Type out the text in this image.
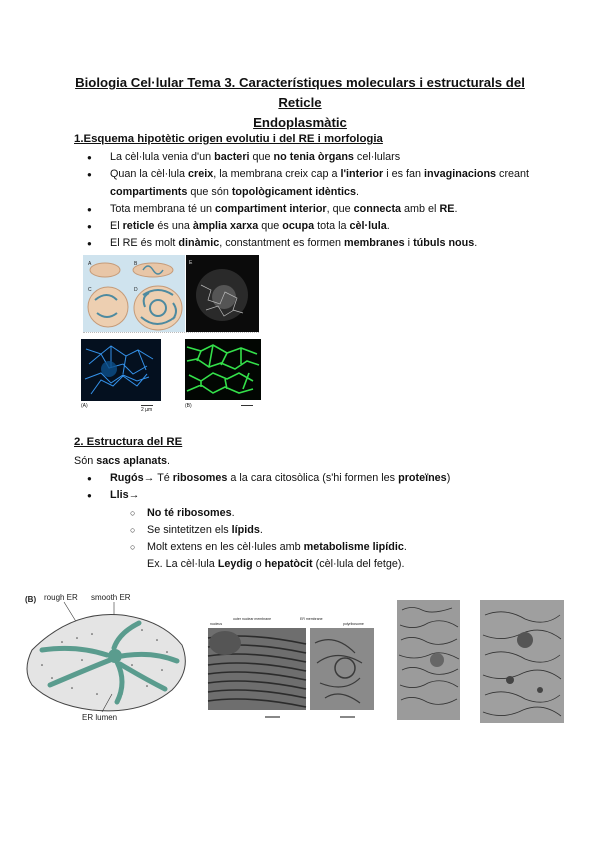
Biologia Cel·lular Tema 3. Característiques moleculars i estructurals del Reticle
Endoplasmàtic
1.Esquema hipotètic origen evolutiu i del RE i morfologia
● La cèl·lula venia d'un bacteri que no tenia òrgans cel·lulars
● Quan la cèl·lula creix, la membrana creix cap a l'interior i es fan invaginacions creant
compartiments que són topològicament idèntics.
● Tota membrana té un compartiment interior, que connecta amb el RE.
● El reticle és una àmplia xarxa que ocupa tota la cèl·lula.
● El RE és molt dinàmic, constantment es formen membranes i túbuls nous.
A	B
C	D
E
(A)
2 µm
(B)
2. Estructura del RE
Són sacs aplanats.
● Rugós→ Té ribosomes a la cara citosòlica (s'hi formen les proteïnes)
● Llis→
○ No té ribosomes.
○ Se sintetitzen els lípids.
○ Molt extens en les cèl·lules amb metabolisme lipídic.
Ex. La cèl·lula Leydig o hepatòcit (cèl·lula del fetge).
(B) rough ER smooth ER
ER lumen
outer nuclear membrane
nucleus
ER membrane
polyribosome
